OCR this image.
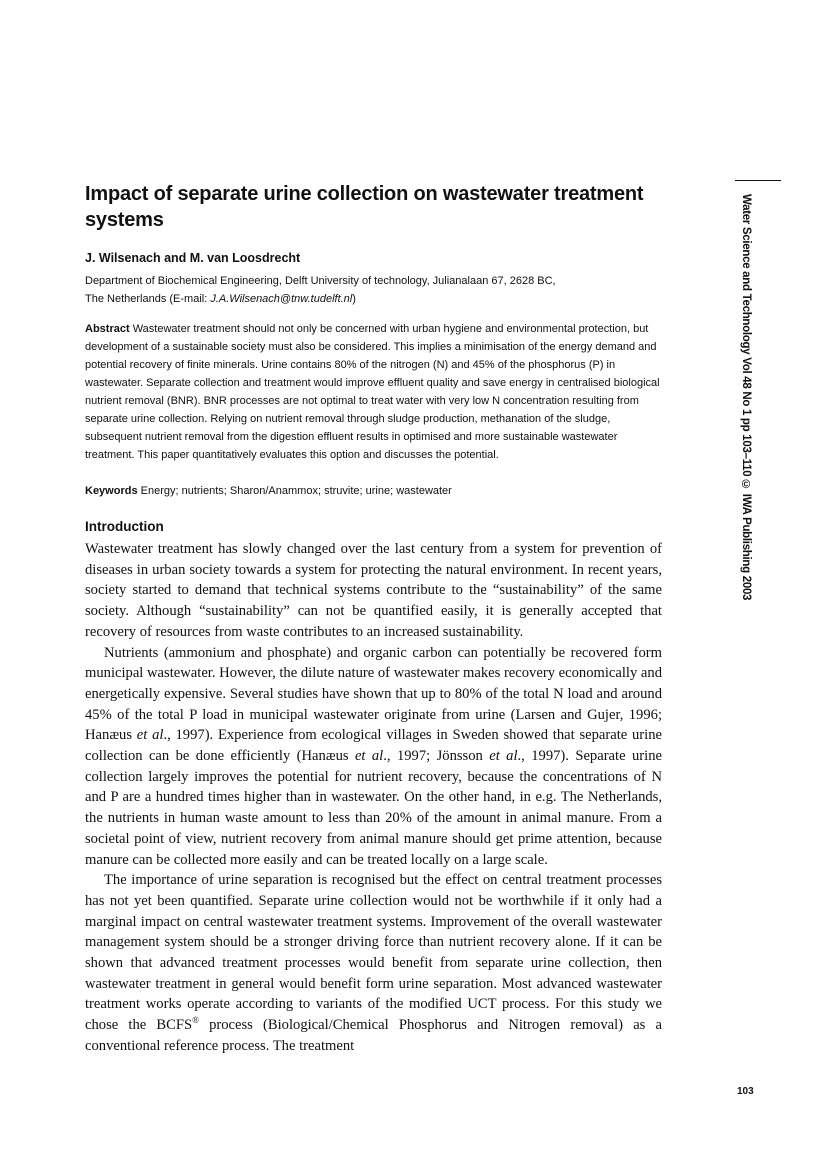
Impact of separate urine collection on wastewater treatment systems
J. Wilsenach and M. van Loosdrecht
Department of Biochemical Engineering, Delft University of technology, Julianalaan 67, 2628 BC,
The Netherlands (E-mail: J.A.Wilsenach@tnw.tudelft.nl)
Abstract Wastewater treatment should not only be concerned with urban hygiene and environmental protection, but development of a sustainable society must also be considered. This implies a minimisation of the energy demand and potential recovery of finite minerals. Urine contains 80% of the nitrogen (N) and 45% of the phosphorus (P) in wastewater. Separate collection and treatment would improve effluent quality and save energy in centralised biological nutrient removal (BNR). BNR processes are not optimal to treat water with very low N concentration resulting from separate urine collection. Relying on nutrient removal through sludge production, methanation of the sludge, subsequent nutrient removal from the digestion effluent results in optimised and more sustainable wastewater treatment. This paper quantitatively evaluates this option and discusses the potential.
Keywords Energy; nutrients; Sharon/Anammox; struvite; urine; wastewater
Introduction

Wastewater treatment has slowly changed over the last century from a system for prevention of diseases in urban society towards a system for protecting the natural environment. In recent years, society started to demand that technical systems contribute to the “sustainability” of the same society. Although “sustainability” can not be quantified easily, it is generally accepted that recovery of resources from waste contributes to an increased sustainability.

Nutrients (ammonium and phosphate) and organic carbon can potentially be recovered form municipal wastewater. However, the dilute nature of wastewater makes recovery economically and energetically expensive. Several studies have shown that up to 80% of the total N load and around 45% of the total P load in municipal wastewater originate from urine (Larsen and Gujer, 1996; Hanæus et al., 1997). Experience from ecological villages in Sweden showed that separate urine collection can be done efficiently (Hanæus et al., 1997; Jönsson et al., 1997). Separate urine collection largely improves the potential for nutrient recovery, because the concentrations of N and P are a hundred times higher than in wastewater. On the other hand, in e.g. The Netherlands, the nutrients in human waste amount to less than 20% of the amount in animal manure. From a societal point of view, nutrient recovery from animal manure should get prime attention, because manure can be collected more easily and can be treated locally on a large scale.

The importance of urine separation is recognised but the effect on central treatment processes has not yet been quantified. Separate urine collection would not be worthwhile if it only had a marginal impact on central wastewater treatment systems. Improvement of the overall wastewater management system should be a stronger driving force than nutrient recovery alone. If it can be shown that advanced treatment processes would benefit from separate urine collection, then wastewater treatment in general would benefit form urine separation. Most advanced wastewater treatment works operate according to variants of the modified UCT process. For this study we chose the BCFS® process (Biological/Chemical Phosphorus and Nitrogen removal) as a conventional reference process. The treatment

Water Science and Technology Vol 48 No 1 pp 103–110 © IWA Publishing 2003
103
